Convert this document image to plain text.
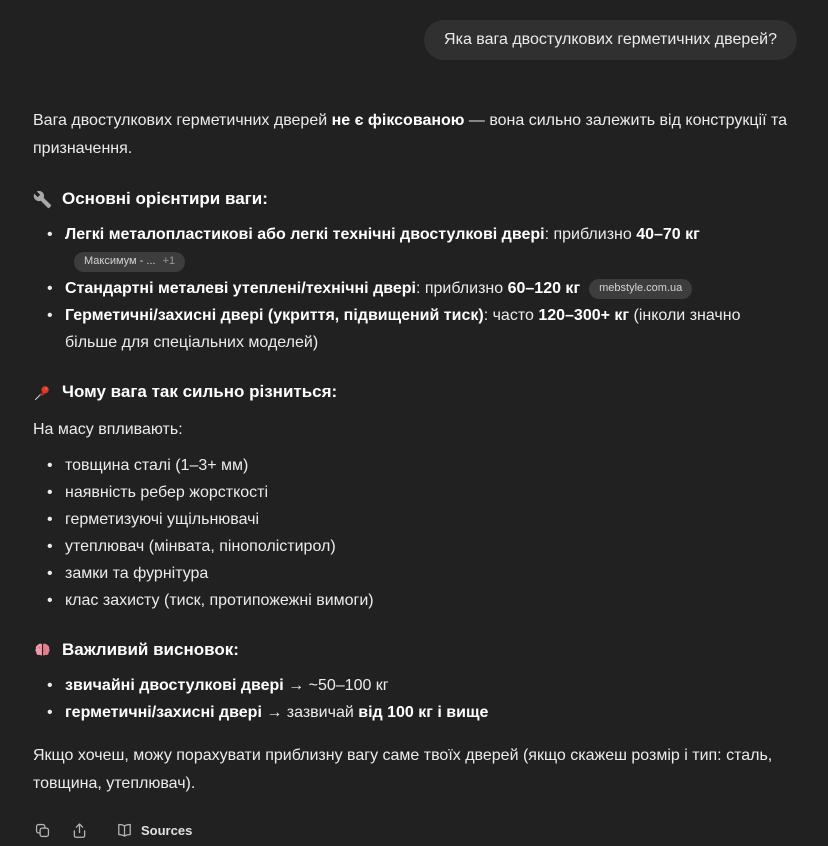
Яка вага двостулкових герметичних дверей?

Вага двостулкових герметичних дверей не є фіксованою — вона сильно залежить від конструкції та призначення.

Основні орієнтири ваги:
• Легкі металопластикові або легкі технічні двостулкові двері: приблизно 40–70 кг
Максимум - ... +1
• Стандартні металеві утеплені/технічні двері: приблизно 60–120 кг mebstyle.com.ua
• Герметичні/захисні двері (укриття, підвищений тиск): часто 120–300+ кг (інколи значно більше для спеціальних моделей)
Чому вага так сильно різниться:

На масу впливають:

• товщина сталі (1–3+ мм)
• наявність ребер жорсткості
• герметизуючі ущільнювачі
• утеплювач (мінвата, пінополістирол)
• замки та фурнітура
• клас захисту (тиск, протипожежні вимоги)
Важливий висновок:
• звичайні двостулкові двері → ~50–100 кг
• герметичні/захисні двері → зазвичай від 100 кг і вище

Якщо хочеш, можу порахувати приблизну вагу саме твоїх дверей (якщо скажеш розмір і тип: сталь, товщина, утеплювач).

Sources
